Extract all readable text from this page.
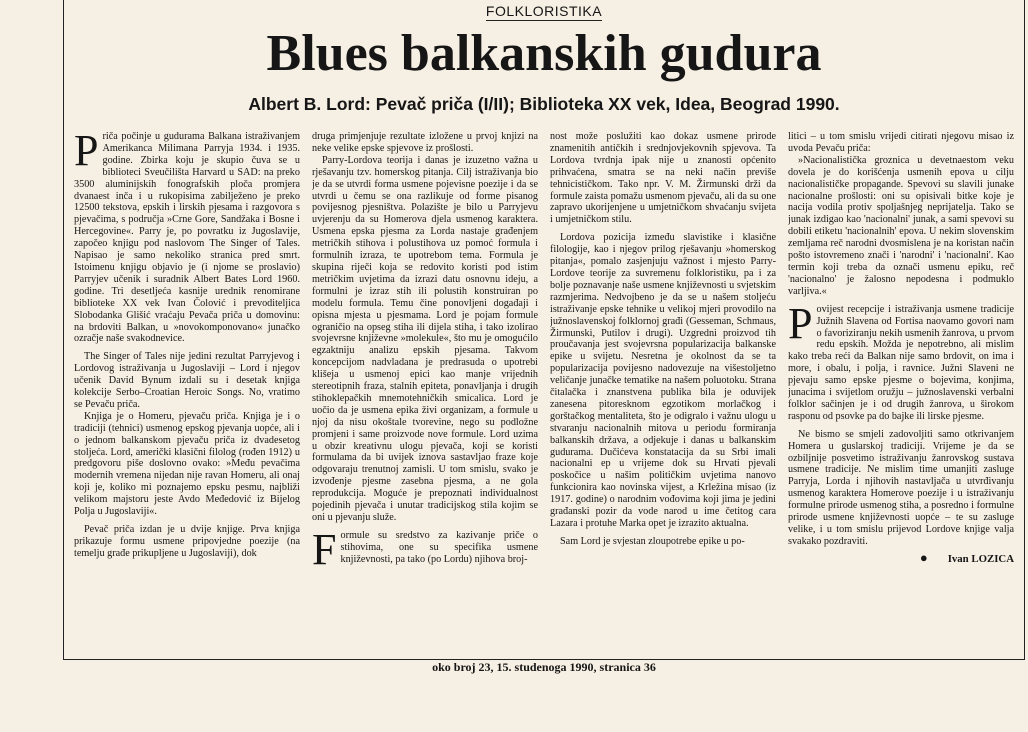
FOLKLORISTIKA
Blues balkanskih gudura
Albert B. Lord: Pevač priča (I/II); Biblioteka XX vek, Idea, Beograd 1990.

Priča počinje u gudurama Balkana istraživanjem Amerikanca Milimana Parryja 1934. i 1935. godine. Zbirka koju je skupio čuva se u biblioteci Sveučilišta Harvard u SAD: na preko 3500 aluminijskih fonografskih ploča promjera dvanaest inča i u rukopisima zabilježeno je preko 12500 tekstova, epskih i lirskih pjesama i razgovora s pjevačima, s područja »Crne Gore, Sandžaka i Bosne i Hercegovine«. Parry je, po povratku iz Jugoslavije, započeo knjigu pod naslovom The Singer of Tales. Napisao je samo nekoliko stranica pred smrt. Istoimenu knjigu objavio je (i njome se proslavio) Parryjev učenik i suradnik Albert Bates Lord 1960. godine. Tri desetljeća kasnije urednik renomirane biblioteke XX vek Ivan Čolović i prevoditeljica Slobodanka Glišić vraćaju Pevača priča u domovinu: na brdoviti Balkan, u »novokomponovano« junačko ozračje naše svakodnevice.

The Singer of Tales nije jedini rezultat Parryjevog i Lordovog istraživanja u Jugoslaviji – Lord i njegov učenik David Bynum izdali su i desetak knjiga kolekcije Serbo–Croatian Heroic Songs. No, vratimo se Pevaču priča.

Knjiga je o Homeru, pjevaču priča. Knjiga je i o tradiciji (tehnici) usmenog epskog pjevanja uopće, ali i o jednom balkanskom pjevaču priča iz dvadesetog stoljeća. Lord, američki klasični filolog (rođen 1912) u predgovoru piše doslovno ovako: »Među pevačima modernih vremena nijedan nije ravan Homeru, ali onaj koji je, koliko mi poznajemo epsku pesmu, najbliži velikom majstoru jeste Avdo Međedović iz Bijelog Polja u Jugoslaviji«.

Pevač priča izdan je u dvije knjige. Prva knjiga prikazuje formu usmene pripovjedne poezije (na temelju građe prikupljene u Jugoslaviji), dok

druga primjenjuje rezultate izložene u prvoj knjizi na neke velike epske spjevove iz prošlosti.

Parry-Lordova teorija i danas je izuzetno važna u rješavanju tzv. homerskog pitanja. Cilj istraživanja bio je da se utvrdi forma usmene pojevisne poezije i da se utvrdi u čemu se ona razlikuje od forme pisanog povijesnog pjesništva. Polazište je bilo u Parryjevu uvjerenju da su Homerova djela usmenog karaktera. Usmena epska pjesma za Lorda nastaje građenjem metričkih stihova i polustihova uz pomoć formula i formulnih izraza, te upotrebom tema. Formula je skupina riječi koja se redovito koristi pod istim metričkim uvjetima da izrazi datu osnovnu ideju, a formulni je izraz stih ili polustih konstruiran po modelu formula. Temu čine ponovljeni događaji i opisna mjesta u pjesmama. Lord je pojam formule ograničio na opseg stiha ili dijela stiha, i tako izolirao svojevrsne književne »molekule«, što mu je omogućilo egzaktniju analizu epskih pjesama. Takvom koncepcijom nadvladana je predrasuda o upotrebi klišeja u usmenoj epici kao manje vrijednih stereotipnih fraza, stalnih epiteta, ponavljanja i drugih stihoklepačkih mnemotehničkih smicalica. Lord je uočio da je usmena epika živi organizam, a formule u njoj da nisu okoštale tvorevine, nego su podložne promjeni i same proizvode nove formule. Lord uzima u obzir kreativnu ulogu pjevača, koji se koristi formulama da bi uvijek iznova sastavljao fraze koje odgovaraju trenutnoj zamisli. U tom smislu, svako je izvođenje pjesme zasebna pjesma, a ne gola reprodukcija. Moguće je prepoznati individualnost pojedinih pjevača i unutar tradicijskog stila kojim se oni u pjevanju služe.

Formule su sredstvo za kazivanje priče o stihovima, one su specifika usmene književnosti, pa tako (po Lordu) njihova broj-

nost može poslužiti kao dokaz usmene prirode znamenitih antičkih i srednjovjekovnih spjevova. Ta Lordova tvrdnja ipak nije u znanosti općenito prihvaćena, smatra se na neki način previše tehnicističkom. Tako npr. V. M. Žirmunski drži da formule zaista pomažu usmenom pjevaču, ali da su one zapravo ukorijenjene u umjetničkom shvaćanju svijeta i umjetničkom stilu.

Lordova pozicija između slavistike i klasične filologije, kao i njegov prilog rješavanju »homerskog pitanja«, pomalo zasjenjuju važnost i mjesto Parry-Lordove teorije za suvremenu folkloristiku, pa i za bolje poznavanje naše usmene književnosti u svjetskim razmjerima. Nedvojbeno je da se u našem stoljeću istraživanje epske tehnike u velikoj mjeri provodilo na južnoslavenskoj folklornoj građi (Gesseman, Schmaus, Žirmunski, Putilov i drugi). Uzgredni proizvod tih proučavanja jest svojevrsna popularizacija balkanske epike u svijetu. Nesretna je okolnost da se ta popularizacija povijesno nadovezuje na višestoljetno veličanje junačke tematike na našem poluotoku. Strana čitalačka i znanstvena publika bila je oduvijek zanesena pitoresknom egzotikom morlačkog i gorštačkog mentaliteta, što je odigralo i važnu ulogu u stvaranju nacionalnih mitova u periodu formiranja balkanskih država, a odjekuje i danas u balkanskim gudurama. Dučićeva konstatacija da su Srbi imali nacionalni ep u vrijeme dok su Hrvati pjevali poskočice u našim političkim uvjetima nanovo funkcionira kao novinska vijest, a Krležina misao (iz 1917. godine) o narodnim vođovima koji jima je jedini građanski pozir da vode narod u ime četitog cara Lazara i protuhe Marka opet je izrazito aktualna.

Sam Lord je svjestan zloupotrebe epike u po-

litici – u tom smislu vrijedi citirati njegovu misao iz uvoda Pevaču priča:

»Nacionalistička groznica u devetnaestom veku dovela je do korišćenja usmenih epova u cilju nacionalističke propagande. Spevovi su slavili junake nacionalne prošlosti: oni su opisivali bitke koje je nacija vodila protiv spoljašnjeg neprijatelja. Tako se junak izdigao kao 'nacionalni' junak, a sami spevovi su dobili etiketu 'nacionalnih' epova. U nekim slovenskim zemljama reč narodni dvosmislena je na koristan način pošto istovremeno znači i 'narodni' i 'nacionalni'. Kao termin koji treba da označi usmenu epiku, reč 'nacionalno' je žalosno nepodesna i podmuklo varljiva.«

Povijest recepcije i istraživanja usmene tradicije Južnih Slavena od Fortisa naovamo govori nam o favoriziranju nekih usmenih žanrova, u prvom redu epskih. Možda je nepotrebno, ali mislim kako treba reći da Balkan nije samo brdovit, on ima i more, i obalu, i polja, i ravnice. Južni Slaveni ne pjevaju samo epske pjesme o bojevima, konjima, junacima i svijetlom oružju – južnoslavenski verbalni folklor sačinjen je i od drugih žanrova, u širokom rasponu od psovke pa do bajke ili lirske pjesme.

Ne bismo se smjeli zadovoljiti samo otkrivanjem Homera u guslarskoj tradiciji. Vrijeme je da se ozbiljnije posvetimo istraživanju žanrovskog sustava usmene tradicije. Ne mislim time umanjiti zasluge Parryja, Lorda i njihovih nastavljača u utvrđivanju usmenog karaktera Homerove poezije i u istraživanju formulne prirode usmenog stiha, a posredno i formulne prirode usmene književnosti uopće – te su zasluge velike, i u tom smislu prijevod Lordove knjige valja svakako pozdraviti.

● Ivan LOZICA
oko broj 23, 15. studenoga 1990, stranica 36
